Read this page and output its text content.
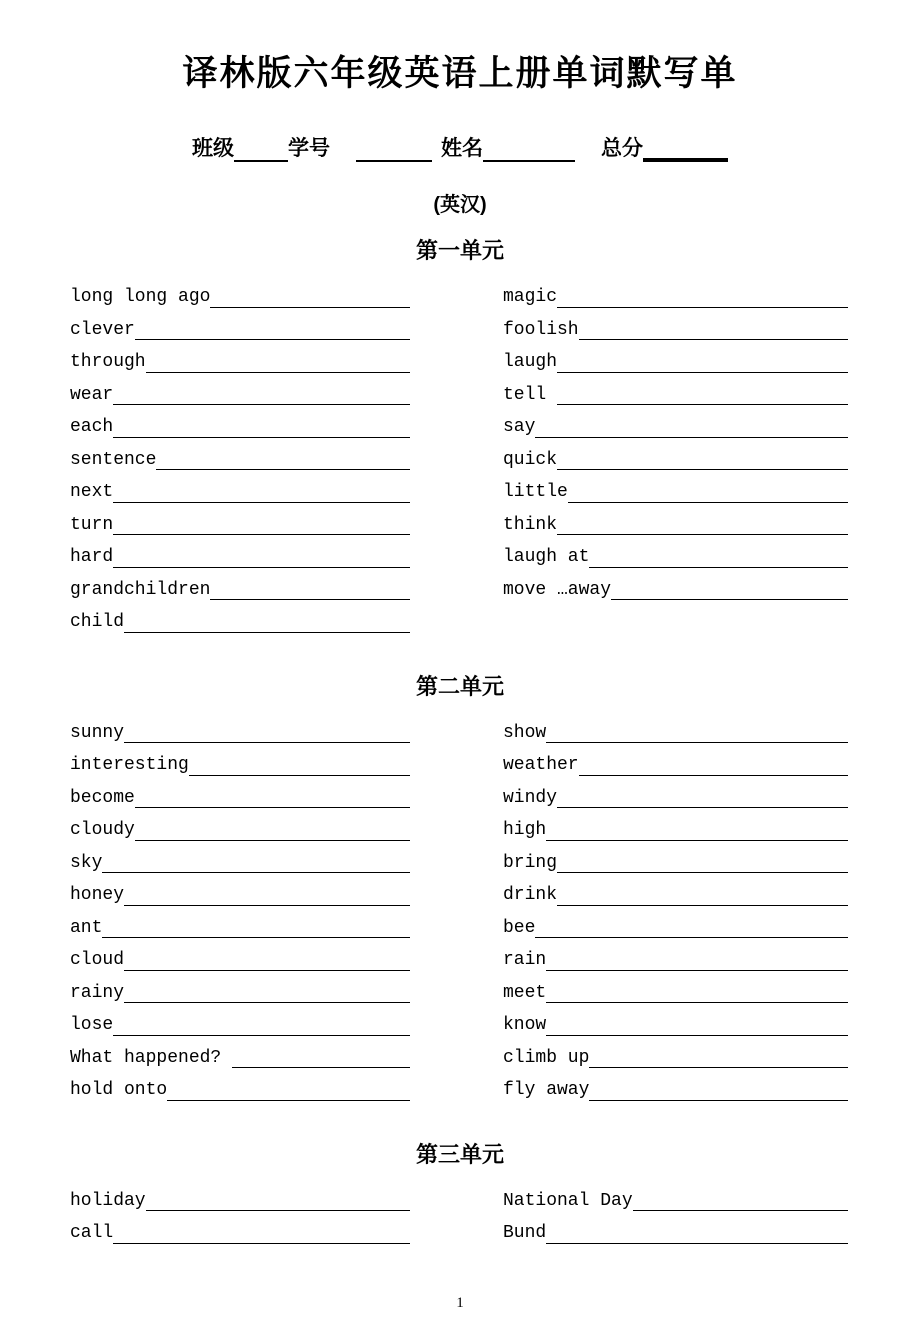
译林版六年级英语上册单词默写单
班级	学号	姓名	总分
(英汉)
第一单元
long long ago
clever
through
wear
each
sentence
next
turn
hard
grandchildren
child
magic
foolish
laugh
tell
say
quick
little
think
laugh at
move …away
第二单元
sunny
interesting
become
cloudy
sky
honey
ant
cloud
rainy
lose
What happened?
hold onto
show
weather
windy
high
bring
drink
bee
rain
meet
know
climb up
fly away
第三单元
holiday
call
National Day
Bund
1
